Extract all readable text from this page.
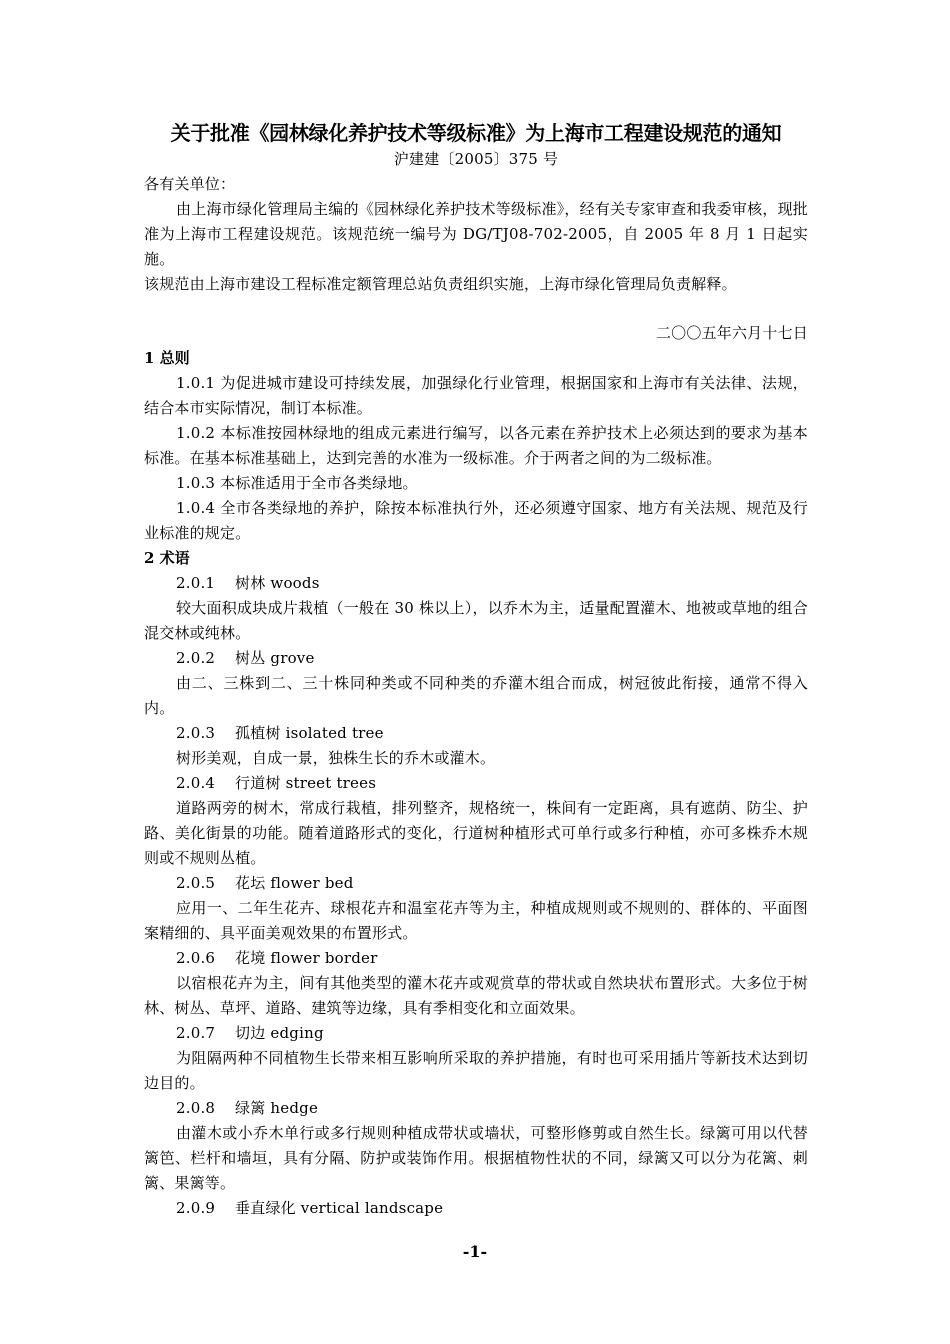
关于批准《园林绿化养护技术等级标准》为上海市工程建设规范的通知

沪建建〔2005〕375 号

各有关单位：

由上海市绿化管理局主编的《园林绿化养护技术等级标准》，经有关专家审查和我委审核，现批准为上海市工程建设规范。该规范统一编号为 DG/TJ08-702-2005，自 2005 年 8 月 1 日起实施。

该规范由上海市建设工程标准定额管理总站负责组织实施，上海市绿化管理局负责解释。

二〇〇五年六月十七日

1 总则

1.0.1 为促进城市建设可持续发展，加强绿化行业管理，根据国家和上海市有关法律、法规，结合本市实际情况，制订本标准。

1.0.2 本标准按园林绿地的组成元素进行编写，以各元素在养护技术上必须达到的要求为基本标准。在基本标准基础上，达到完善的水准为一级标准。介于两者之间的为二级标准。

1.0.3 本标准适用于全市各类绿地。

1.0.4 全市各类绿地的养护，除按本标准执行外，还必须遵守国家、地方有关法规、规范及行业标准的规定。

2 术语

2.0.1    树林 woods

较大面积成块成片栽植（一般在 30 株以上），以乔木为主，适量配置灌木、地被或草地的组合混交林或纯林。

2.0.2    树丛 grove

由二、三株到二、三十株同种类或不同种类的乔灌木组合而成，树冠彼此衔接，通常不得入内。

2.0.3    孤植树 isolated tree

树形美观，自成一景，独株生长的乔木或灌木。

2.0.4    行道树 street trees

道路两旁的树木，常成行栽植，排列整齐，规格统一，株间有一定距离，具有遮荫、防尘、护路、美化街景的功能。随着道路形式的变化，行道树种植形式可单行或多行种植，亦可多株乔木规则或不规则丛植。

2.0.5    花坛 flower bed

应用一、二年生花卉、球根花卉和温室花卉等为主，种植成规则或不规则的、群体的、平面图案精细的、具平面美观效果的布置形式。

2.0.6    花境 flower border

以宿根花卉为主，间有其他类型的灌木花卉或观赏草的带状或自然块状布置形式。大多位于树林、树丛、草坪、道路、建筑等边缘，具有季相变化和立面效果。

2.0.7    切边 edging

为阻隔两种不同植物生长带来相互影响所采取的养护措施，有时也可采用插片等新技术达到切边目的。

2.0.8    绿篱 hedge

由灌木或小乔木单行或多行规则种植成带状或墙状，可整形修剪或自然生长。绿篱可用以代替篱笆、栏杆和墙垣，具有分隔、防护或装饰作用。根据植物性状的不同，绿篱又可以分为花篱、刺篱、果篱等。

2.0.9    垂直绿化 vertical landscape

-1-
